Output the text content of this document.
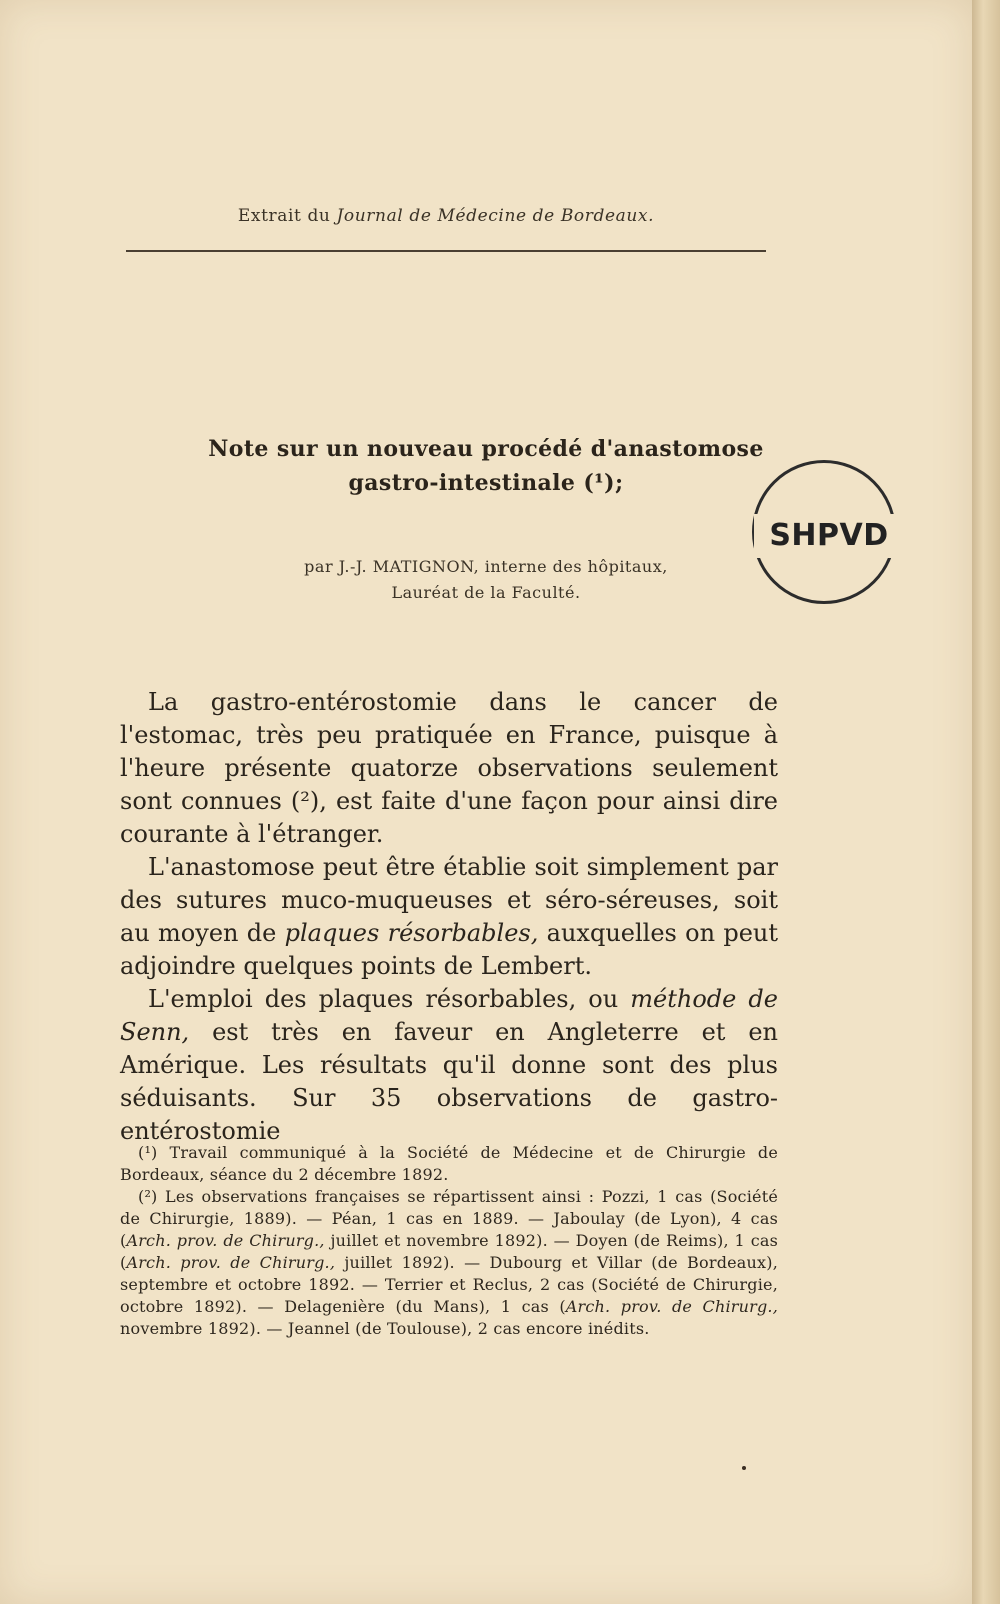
Extrait du Journal de Médecine de Bordeaux.
Note sur un nouveau procédé d'anastomose
gastro-intestinale (¹);
par J.-J. MATIGNON, interne des hôpitaux,
Lauréat de la Faculté.
SHPVD

La gastro-entérostomie dans le cancer de l'estomac, très peu pratiquée en France, puisque à l'heure présente quatorze observations seulement sont connues (²), est faite d'une façon pour ainsi dire courante à l'étranger.

L'anastomose peut être établie soit simplement par des sutures muco-muqueuses et séro-séreuses, soit au moyen de plaques résorbables, auxquelles on peut adjoindre quelques points de Lembert.

L'emploi des plaques résorbables, ou méthode de Senn, est très en faveur en Angleterre et en Amérique. Les résultats qu'il donne sont des plus séduisants. Sur 35 observations de gastro-entérostomie

(¹) Travail communiqué à la Société de Médecine et de Chirurgie de Bordeaux, séance du 2 décembre 1892.

(²) Les observations françaises se répartissent ainsi : Pozzi, 1 cas (Société de Chirurgie, 1889). — Péan, 1 cas en 1889. — Jaboulay (de Lyon), 4 cas (Arch. prov. de Chirurg., juillet et novembre 1892). — Doyen (de Reims), 1 cas (Arch. prov. de Chirurg., juillet 1892). — Dubourg et Villar (de Bordeaux), septembre et octobre 1892. — Terrier et Reclus, 2 cas (Société de Chirurgie, octobre 1892). — Delagenière (du Mans), 1 cas (Arch. prov. de Chirurg., novembre 1892). — Jeannel (de Toulouse), 2 cas encore inédits.
